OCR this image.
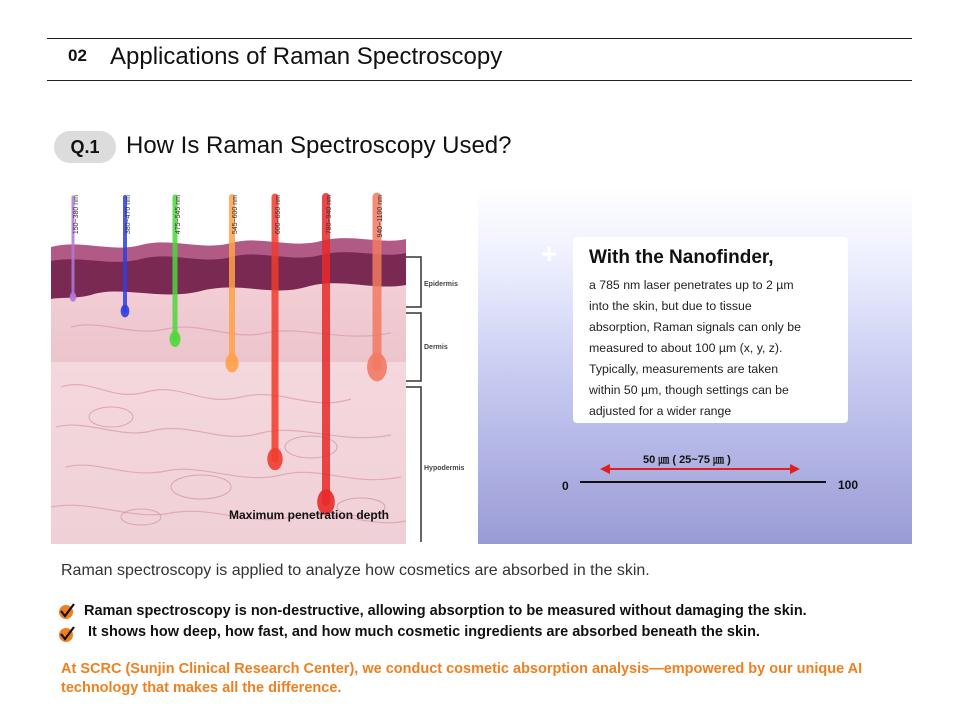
02 Applications of Raman Spectroscopy
Q.1	How Is Raman Spectroscopy Used?
150~380 nm	380~470 nm	475~545 nm	545~600 nm	600~650 nm	780~940 nm	940~1100 nm
Epidermis
Dermis
Hypodermis
Maximum penetration depth
+ With the Nanofinder,
a 785 nm laser penetrates up to 2 µm
into the skin, but due to tissue
absorption, Raman signals can only be
measured to about 100 µm (x, y, z).
Typically, measurements are taken
within 50 µm, though settings can be
adjusted for a wider range
50 ㎛ ( 25~75 ㎛ )
0	100
Raman spectroscopy is applied to analyze how cosmetics are absorbed in the skin.
Raman spectroscopy is non-destructive, allowing absorption to be measured without damaging the skin.
It shows how deep, how fast, and how much cosmetic ingredients are absorbed beneath the skin.
At SCRC (Sunjin Clinical Research Center), we conduct cosmetic absorption analysis—empowered by our unique AI technology that makes all the difference.
